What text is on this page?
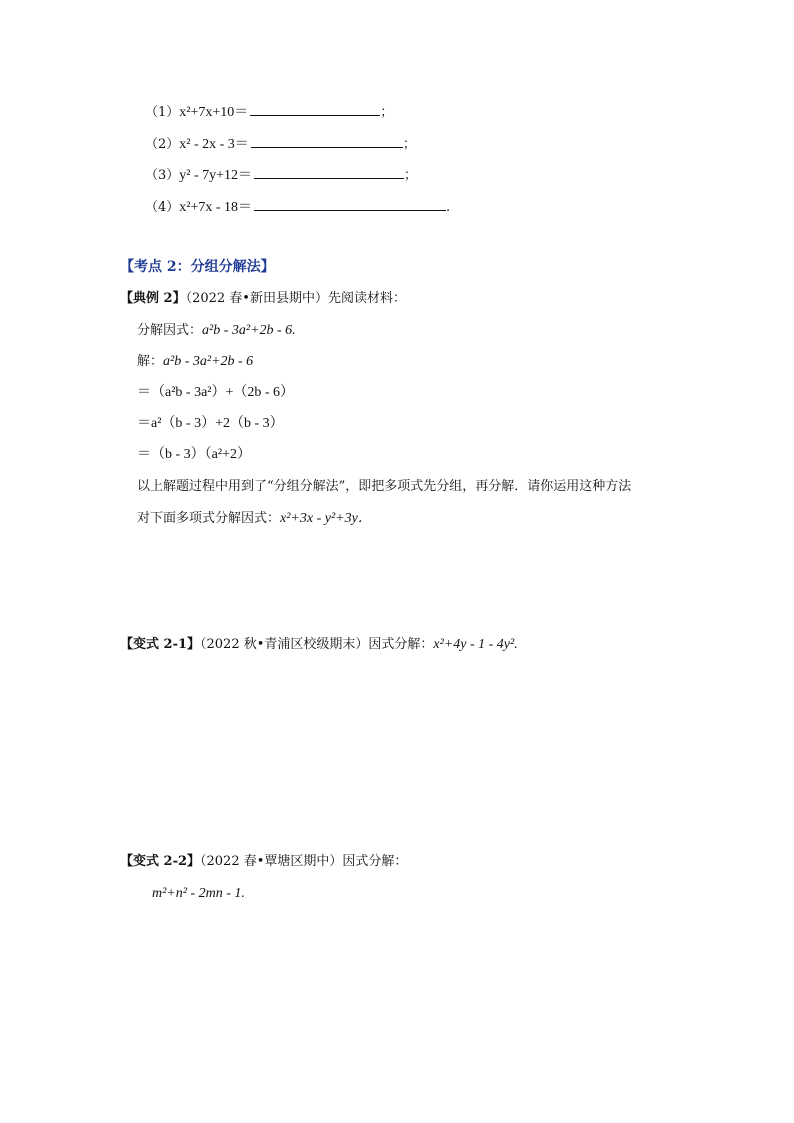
（1）x²+7x+10＝	；
（2）x² - 2x - 3＝	；
（3）y² - 7y+12＝	；
（4）x²+7x - 18＝	.
【考点 2：分组分解法】
【典例 2】（2022 春•新田县期中）先阅读材料：
分解因式：a²b - 3a²+2b - 6.
解：a²b - 3a²+2b - 6
＝（a²b - 3a²）+（2b - 6）
＝a²（b - 3）+2（b - 3）
＝（b - 3）（a²+2）
以上解题过程中用到了“分组分解法”，即把多项式先分组，再分解．请你运用这种方法
对下面多项式分解因式：x²+3x - y²+3y．
【变式 2-1】（2022 秋•青浦区校级期末）因式分解：x²+4y - 1 - 4y².
【变式 2-2】（2022 春•覃塘区期中）因式分解：
m²+n² - 2mn - 1.
